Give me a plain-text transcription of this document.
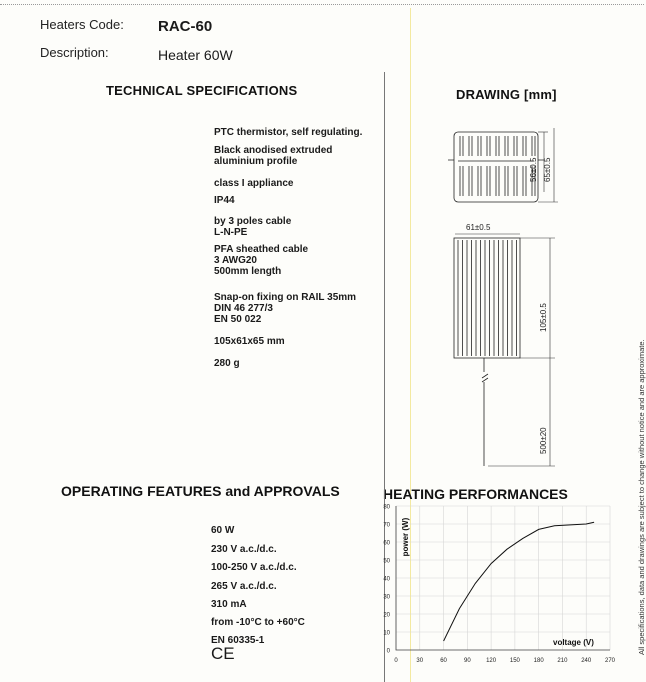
Heaters Code: RAC-60
Description:	Heater 60W
TECHNICAL SPECIFICATIONS	DRAWING [mm]
OPERATING FEATURES and APPROVALS	HEATING PERFORMANCES
PTC thermistor, self regulating.
Black anodised extruded
aluminium profile
class I appliance
IP44
by 3 poles cable
L-N-PE
PFA sheathed cable
3 AWG20
500mm length
Snap-on fixing on RAIL 35mm
DIN 46 277/3
EN 50 022
105x61x65 mm
280 g
60 W
230 V a.c./d.c.
100-250 V a.c./d.c.
265 V a.c./d.c.
310 mA
from -10°C to +60°C
EN 60335-1
CE
56±0.5 65±0.5
61±0.5
105±0.5
500±20
0
10
20
30
40
50
60
70
80
0	30	60	90	120 150 180 210 240 270
power (W)
voltage (V)	All specifications, data and drawings are subject to change without notice and are approximate.
